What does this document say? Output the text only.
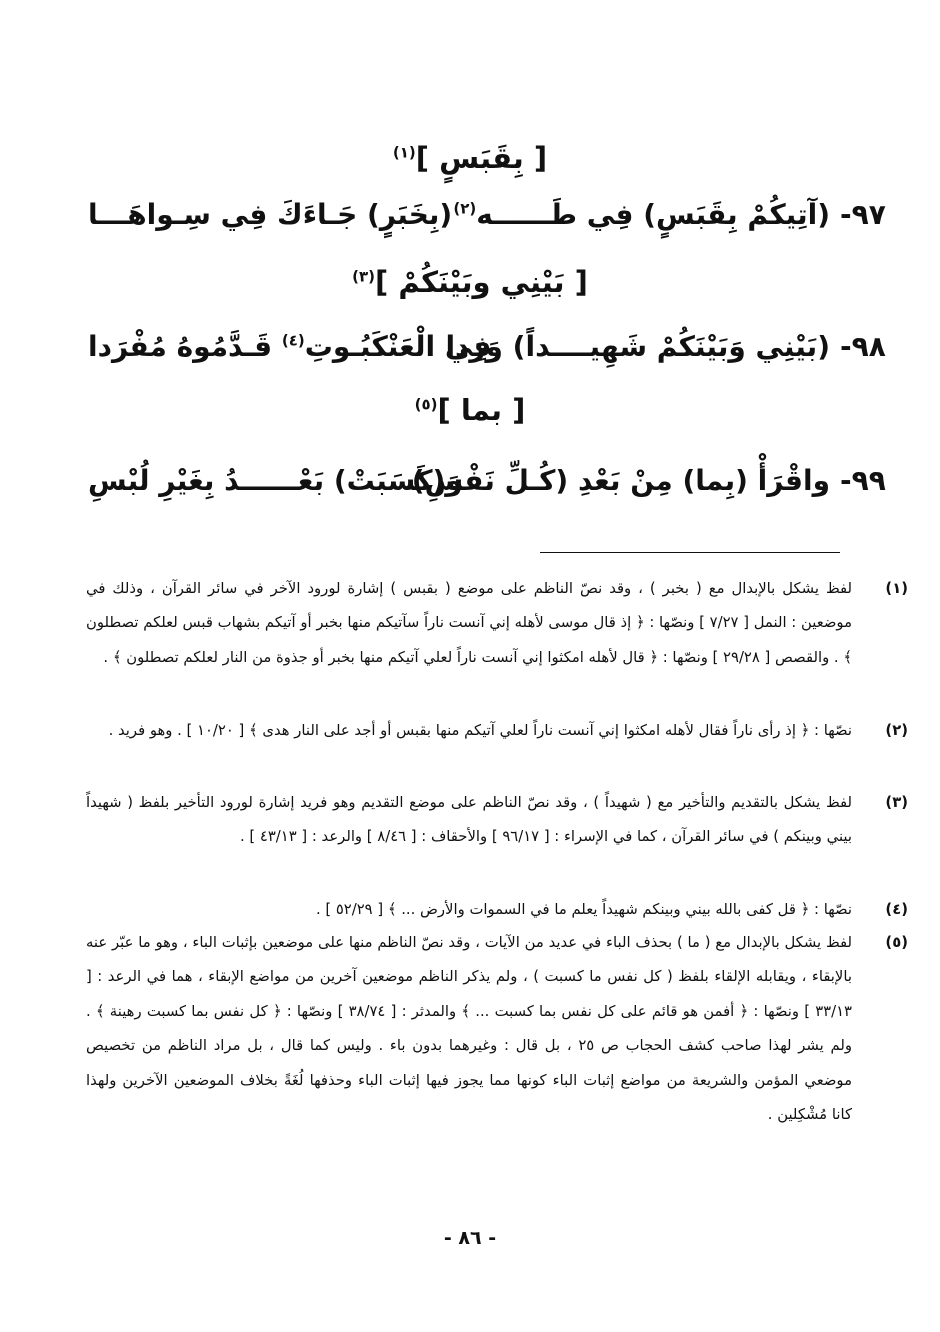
[ بِقَبَسٍ ]$^{(١)}$
٩٧-
(آتِيكُمْ بِقَبَسٍ) فِي طَــــــه$^{(٢)}$
(بِخَبَرٍ) جَـاءَكَ فِي سِـواهَـــا
[ بَيْنِي وبَيْنَكُمْ ]$^{(٣)}$
٩٨-
(بَيْنِي وَبَيْنَكُمْ شَهِيــــداً) وَرَدا
فِي الْعَنْكَبُـوتِ$^{(٤)}$ قَـدَّمُوهُ مُفْرَدا
[ بما ]$^{(٥)}$
٩٩-
واقْرَأْ (بِما) مِنْ بَعْدِ (كُـلِّ نَفْسِ)
وَ(كَسَبَتْ) بَعْــــــدُ بِغَيْرِ لُبْسِ
(١)
لفظ يشكل بالإبدال مع ( بخبر ) ، وقد نصّ الناظم على موضع ( بقبس ) إشارة لورود الآخر في سائر القرآن ، وذلك في موضعين : النمل [ ٧/٢٧ ] ونصّها : ﴿ إذ قال موسى لأهله إني آنست ناراً سآتيكم منها بخبر أو آتيكم بشهاب قبس لعلكم تصطلون ﴾ . والقصص [ ٢٩/٢٨ ] ونصّها : ﴿ قال لأهله امكثوا إني آنست ناراً لعلي آتيكم منها بخبر أو جذوة من النار لعلكم تصطلون ﴾ .
(٢)
نصّها : ﴿ إذ رأى ناراً فقال لأهله امكثوا إني آنست ناراً لعلي آتيكم منها بقبس أو أجد على النار هدى ﴾ [ ١٠/٢٠ ] . وهو فريد .
(٣)
لفظ يشكل بالتقديم والتأخير مع ( شهيداً ) ، وقد نصّ الناظم على موضع التقديم وهو فريد إشارة لورود التأخير بلفظ ( شهيداً بيني وبينكم ) في سائر القرآن ، كما في الإسراء : [ ٩٦/١٧ ] والأحقاف : [ ٨/٤٦ ] والرعد : [ ٤٣/١٣ ] .
(٤)
نصّها : ﴿ قل كفى بالله بيني وبينكم شهيداً يعلم ما في السموات والأرض ... ﴾ [ ٥٢/٢٩ ] .
(٥)
لفظ يشكل بالإبدال مع ( ما ) بحذف الباء في عديد من الآيات ، وقد نصّ الناظم منها على موضعين بإثبات الباء ، وهو ما عبّر عنه بالإبقاء ، ويقابله الإلقاء بلفظ ( كل نفس ما كسبت ) ، ولم يذكر الناظم موضعين آخرين من مواضع الإبقاء ، هما في الرعد : [ ٣٣/١٣ ] ونصّها : ﴿ أفمن هو قائم على كل نفس بما كسبت ... ﴾ والمدثر : [ ٣٨/٧٤ ] ونصّها : ﴿ كل نفس بما كسبت رهينة ﴾ . ولم يشر لهذا صاحب كشف الحجاب ص ٢٥ ، بل قال : وغيرهما بدون باء . وليس كما قال ، بل مراد الناظم من تخصيص موضعي المؤمن والشريعة من مواضع إثبات الباء كونها مما يجوز فيها إثبات الباء وحذفها لُغَةً بخلاف الموضعين الآخرين ولهذا كانا مُشْكِلين .
- ٨٦ -
